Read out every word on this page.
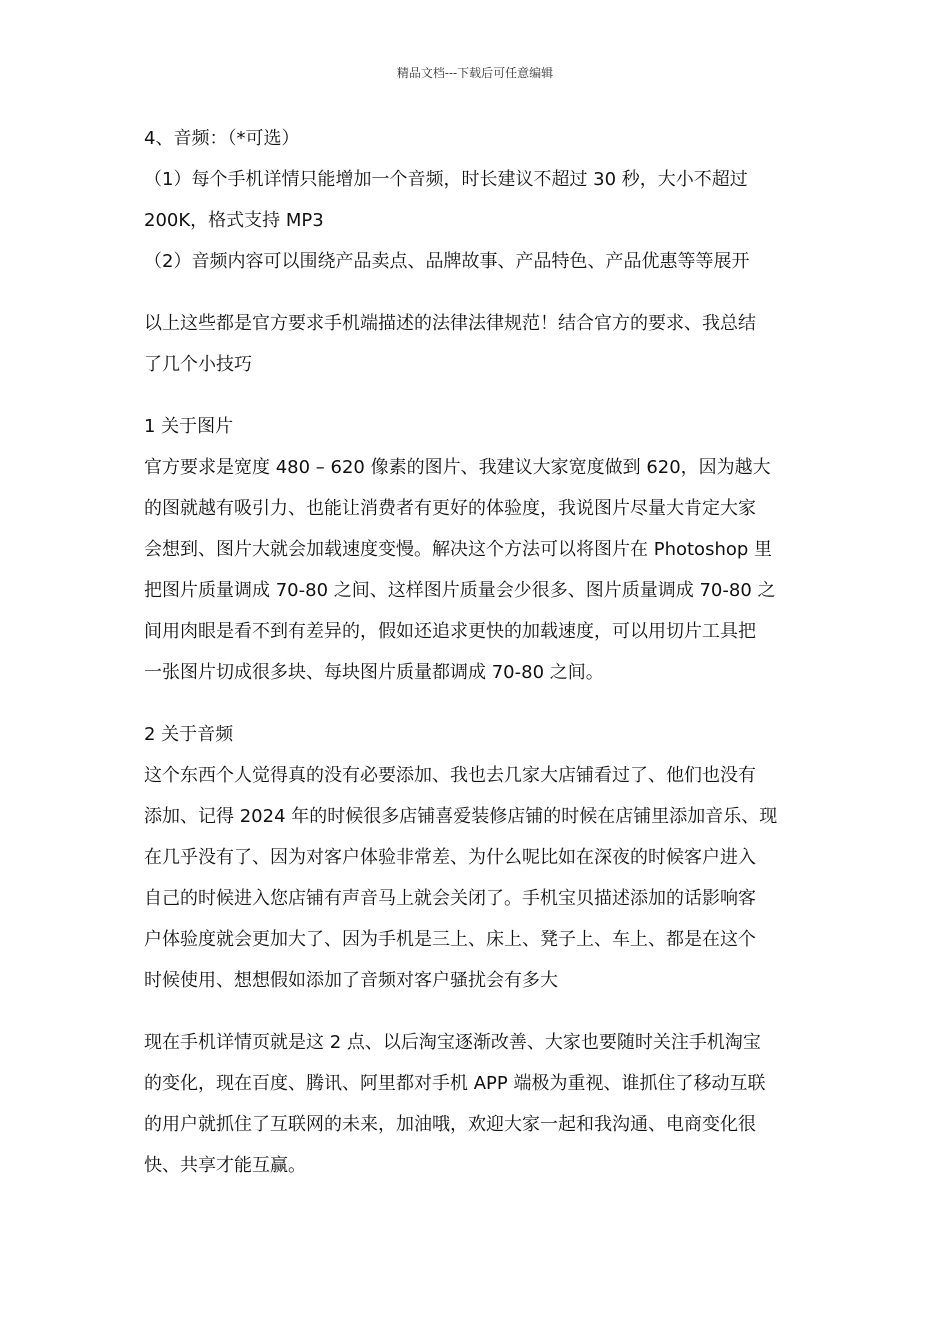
精品文档---下载后可任意编辑
4、音频：（*可选）
（1）每个手机详情只能增加一个音频，时长建议不超过 30 秒，大小不超过
200K，格式支持 MP3
（2）音频内容可以围绕产品卖点、品牌故事、产品特色、产品优惠等等展开
以上这些都是官方要求手机端描述的法律法律规范！结合官方的要求、我总结
了几个小技巧
1 关于图片
官方要求是宽度 480 – 620 像素的图片、我建议大家宽度做到 620，因为越大
的图就越有吸引力、也能让消费者有更好的体验度，我说图片尽量大肯定大家
会想到、图片大就会加载速度变慢。解决这个方法可以将图片在 Photoshop 里
把图片质量调成 70-80 之间、这样图片质量会少很多、图片质量调成 70-80 之
间用肉眼是看不到有差异的，假如还追求更快的加载速度，可以用切片工具把
一张图片切成很多块、每块图片质量都调成 70-80 之间。
2 关于音频
这个东西个人觉得真的没有必要添加、我也去几家大店铺看过了、他们也没有
添加、记得 2024 年的时候很多店铺喜爱装修店铺的时候在店铺里添加音乐、现
在几乎没有了、因为对客户体验非常差、为什么呢比如在深夜的时候客户进入
自己的时候进入您店铺有声音马上就会关闭了。手机宝贝描述添加的话影响客
户体验度就会更加大了、因为手机是三上、床上、凳子上、车上、都是在这个
时候使用、想想假如添加了音频对客户骚扰会有多大
现在手机详情页就是这 2 点、以后淘宝逐渐改善、大家也要随时关注手机淘宝
的变化，现在百度、腾讯、阿里都对手机 APP 端极为重视、谁抓住了移动互联
的用户就抓住了互联网的未来，加油哦，欢迎大家一起和我沟通、电商变化很
快、共享才能互赢。
